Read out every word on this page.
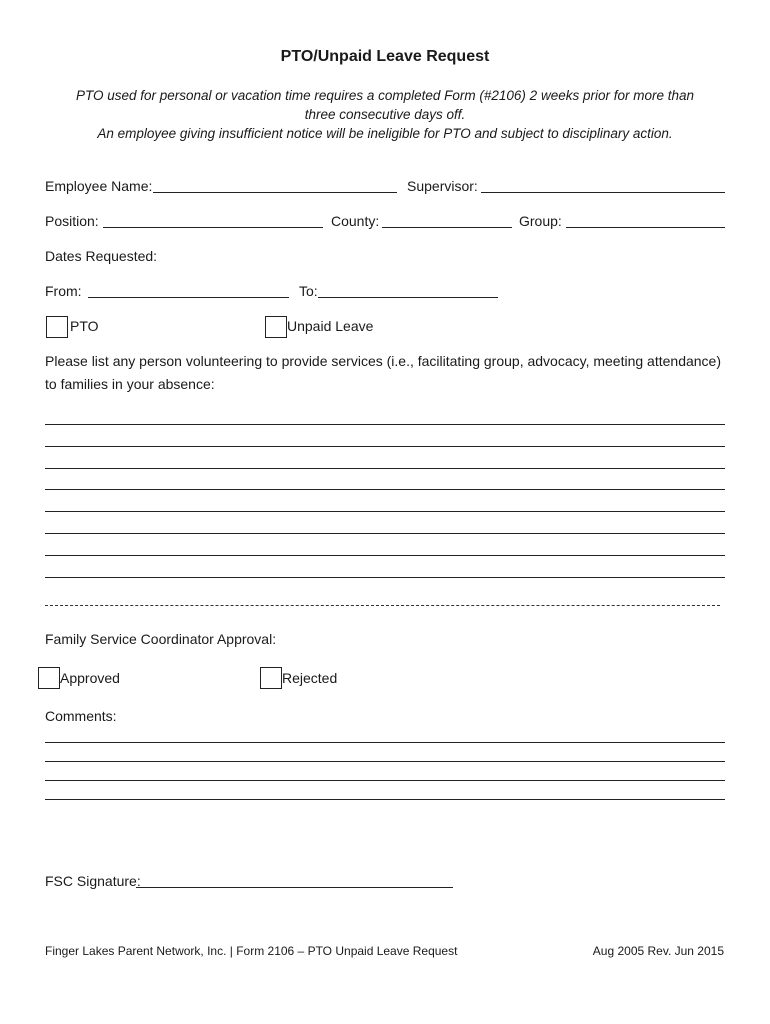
PTO/Unpaid Leave Request
PTO used for personal or vacation time requires a completed Form (#2106) 2 weeks prior for more than
three consecutive days off.
An employee giving insufficient notice will be ineligible for PTO and subject to disciplinary action.
Employee Name:	Supervisor:
Position:	County:	Group:
Dates Requested:
From:	To:
PTO	Unpaid Leave
Please list any person volunteering to provide services (i.e., facilitating group, advocacy, meeting attendance)
to families in your absence:
Family Service Coordinator Approval:
Approved	Rejected
Comments:
FSC Signature:
Finger Lakes Parent Network, Inc. | Form 2106 – PTO Unpaid Leave Request	Aug 2005 Rev. Jun 2015
